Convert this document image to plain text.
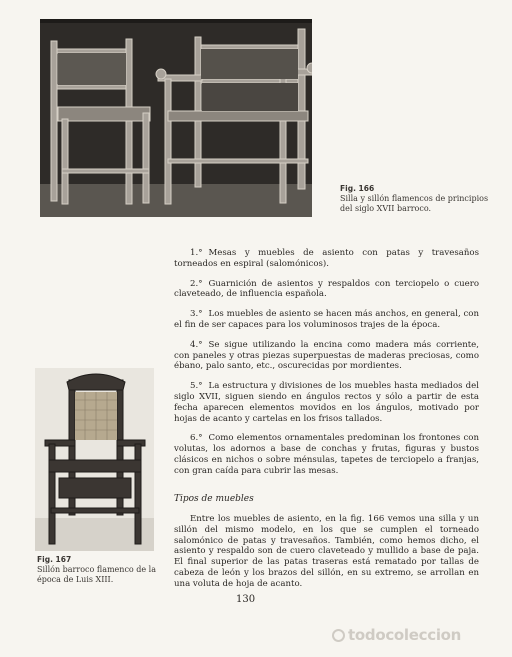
Fig. 166
Silla y sillón flamencos de principios del siglo XVII barroco.
Fig. 167
Sillón barroco flamenco de la época de Luis XIII.

1.° Mesas y muebles de asiento con patas y travesaños torneados en espiral (salomónicos).

2.° Guarnición de asientos y respaldos con terciopelo o cuero claveteado, de influencia española.

3.° Los muebles de asiento se hacen más anchos, en general, con el fin de ser capaces para los voluminosos trajes de la época.

4.° Se sigue utilizando la encina como madera más corriente, con paneles y otras piezas superpuestas de maderas preciosas, como ébano, palo santo, etc., oscurecidas por mordientes.

5.° La estructura y divisiones de los muebles hasta mediados del siglo XVII, siguen siendo en ángulos rectos y sólo a partir de esta fecha aparecen elementos movidos en los ángulos, motivado por hojas de acanto y cartelas en los frisos tallados.

6.° Como elementos ornamentales predominan los frontones con volutas, los adornos a base de conchas y frutas, figuras y bustos clásicos en nichos o sobre ménsulas, tapetes de terciopelo a franjas, con gran caída para cubrir las mesas.

Tipos de muebles

Entre los muebles de asiento, en la fig. 166 vemos una silla y un sillón del mismo modelo, en los que se cumplen el torneado salomónico de patas y travesaños. También, como hemos dicho, el asiento y respaldo son de cuero claveteado y mullido a base de paja. El final superior de las patas traseras está rematado por tallas de cabeza de león y los brazos del sillón, en su extremo, se arrollan en una voluta de hoja de acanto.

130
todocoleccion
